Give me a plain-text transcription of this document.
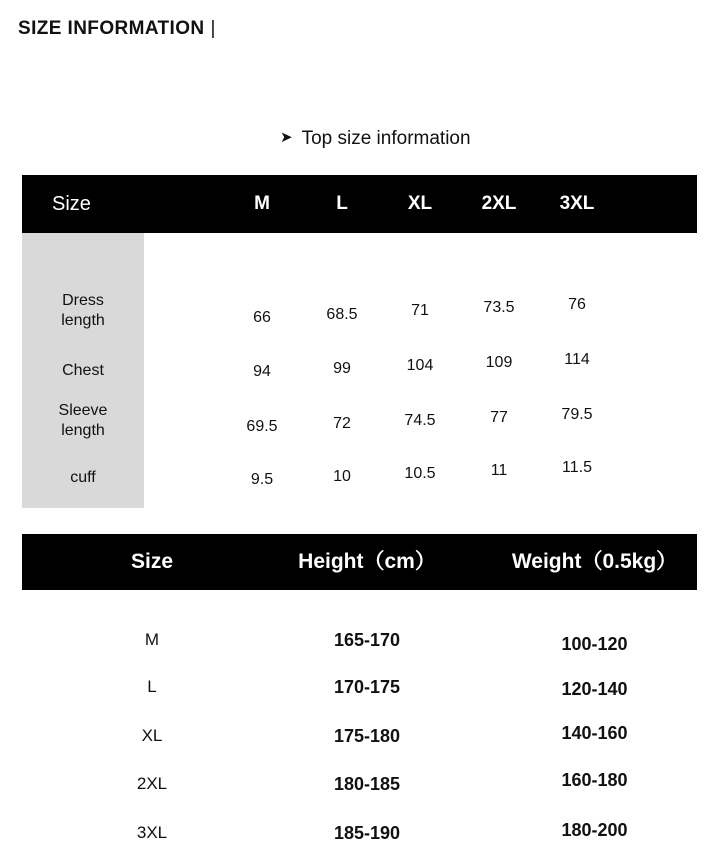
SIZE INFORMATION |
➤ Top size information
Size	M	L	XL	2XL	3XL
Dress
length	66	68.5	71	73.5	76
Chest	94	99	104	109	114
Sleeve
length	69.5	72	74.5	77	79.5
cuff	9.5	10	10.5	11	11.5
Size	Height（cm）	Weight（0.5kg）
M	165-170	100-120
L	170-175	120-140
XL	175-180	140-160
2XL	180-185	160-180
3XL	185-190	180-200
